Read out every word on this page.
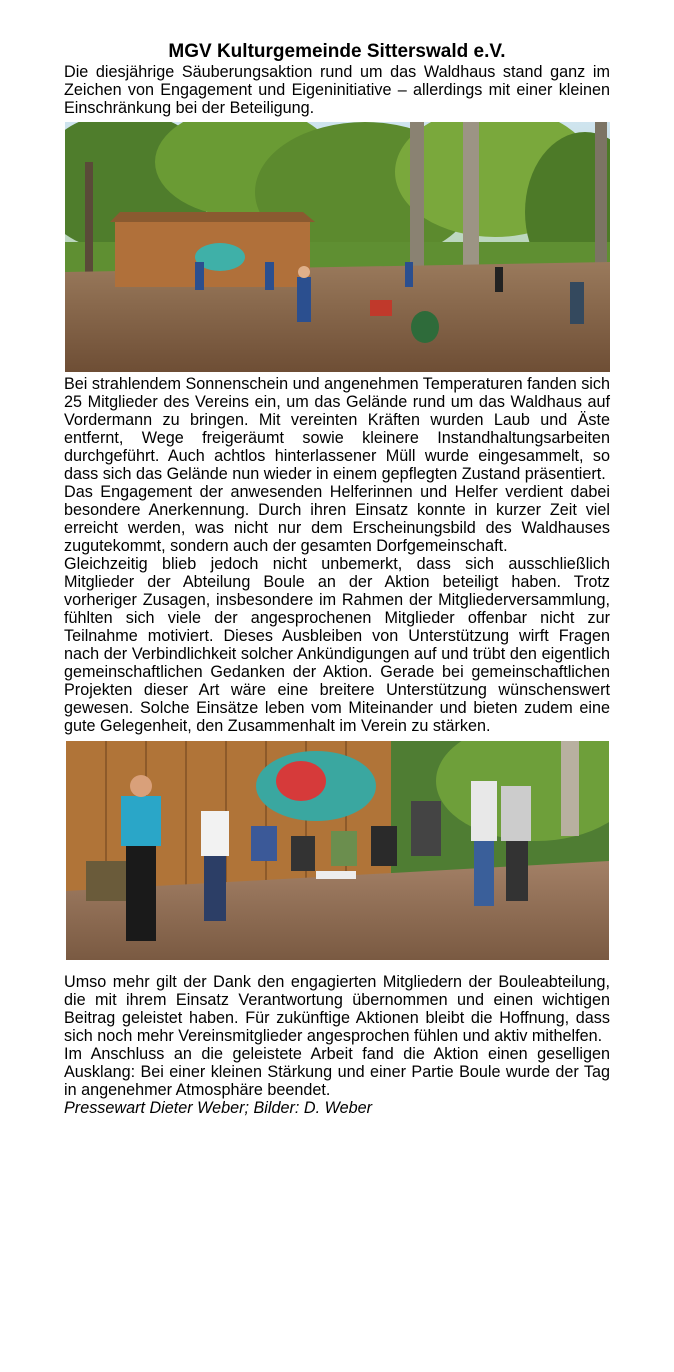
MGV Kulturgemeinde Sitterswald e.V.

Die diesjährige Säuberungsaktion rund um das Waldhaus stand ganz im Zeichen von Engagement und Eigeninitiative – allerdings mit einer kleinen Einschränkung bei der Beteiligung.

Bei strahlendem Sonnenschein und angenehmen Temperaturen fanden sich 25 Mitglieder des Vereins ein, um das Gelände rund um das Waldhaus auf Vordermann zu bringen. Mit vereinten Kräften wurden Laub und Äste entfernt, Wege freigeräumt sowie kleinere Instandhaltungsarbeiten durchgeführt. Auch achtlos hinterlassener Müll wurde eingesammelt, so dass sich das Gelände nun wieder in einem gepflegten Zustand präsentiert.

Das Engagement der anwesenden Helferinnen und Helfer verdient dabei besondere Anerkennung. Durch ihren Einsatz konnte in kurzer Zeit viel erreicht werden, was nicht nur dem Erscheinungsbild des Waldhauses zugutekommt, sondern auch der gesamten Dorfgemeinschaft.

Gleichzeitig blieb jedoch nicht unbemerkt, dass sich ausschließlich Mitglieder der Abteilung Boule an der Aktion beteiligt haben. Trotz vorheriger Zusagen, insbesondere im Rahmen der Mitgliederversammlung, fühlten sich viele der angesprochenen Mitglieder offenbar nicht zur Teilnahme motiviert. Dieses Ausbleiben von Unterstützung wirft Fragen nach der Verbindlichkeit solcher Ankündigungen auf und trübt den eigentlich gemeinschaftlichen Gedanken der Aktion. Gerade bei gemeinschaftlichen Projekten dieser Art wäre eine breitere Unterstützung wünschenswert gewesen. Solche Einsätze leben vom Miteinander und bieten zudem eine gute Gelegenheit, den Zusammenhalt im Verein zu stärken.

Umso mehr gilt der Dank den engagierten Mitgliedern der Bouleabteilung, die mit ihrem Einsatz Verantwortung übernommen und einen wichtigen Beitrag geleistet haben. Für zukünftige Aktionen bleibt die Hoffnung, dass sich noch mehr Vereinsmitglieder angesprochen fühlen und aktiv mithelfen.

Im Anschluss an die geleistete Arbeit fand die Aktion einen geselligen Ausklang: Bei einer kleinen Stärkung und einer Partie Boule wurde der Tag in angenehmer Atmosphäre beendet.

Pressewart Dieter Weber; Bilder: D. Weber
